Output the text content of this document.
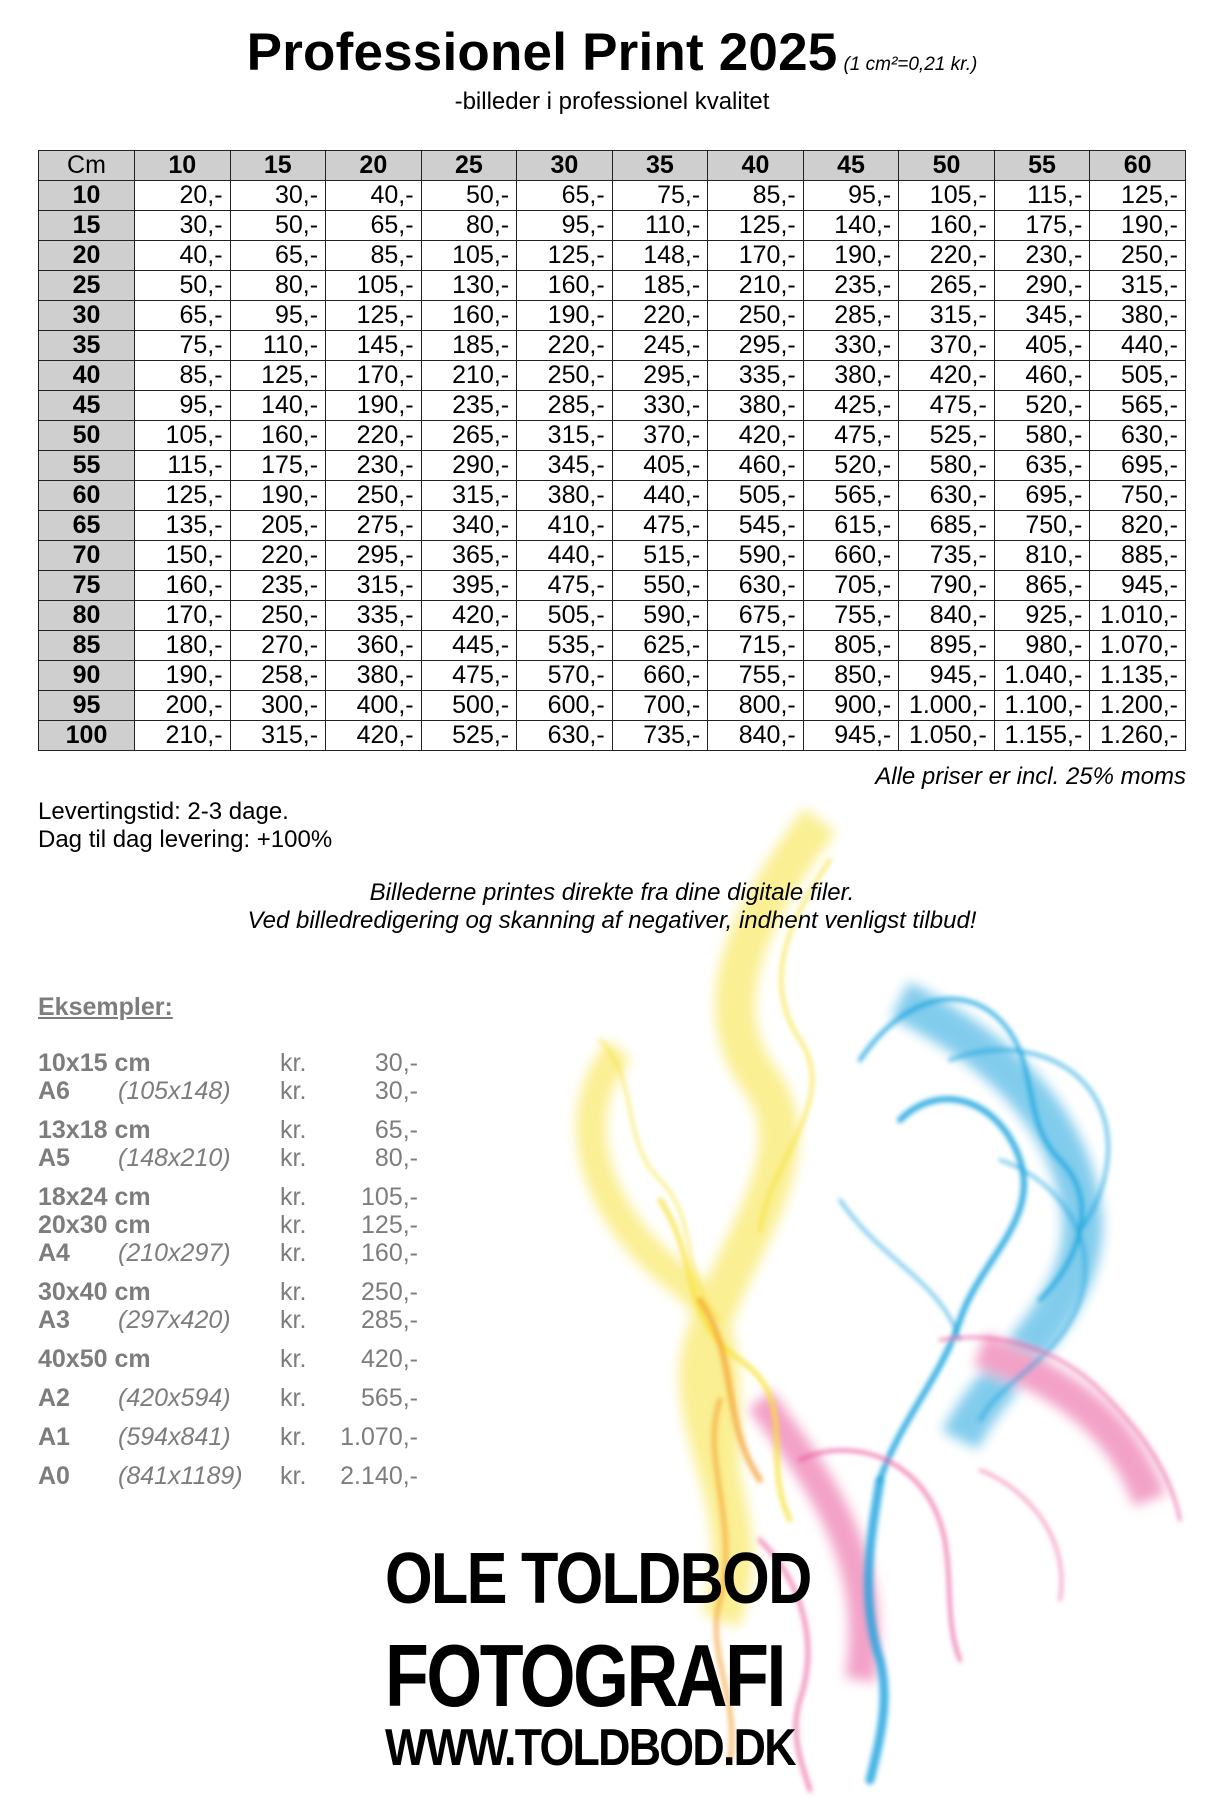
Professionel Print 2025 (1 cm²=0,21 kr.)
-billeder i professionel kvalitet
Cm	10	15	20	25	30	35	40	45	50	55	60
10	20,-	30,-	40,-	50,-	65,-	75,-	85,-	95,-	105,-	115,-	125,-
15	30,-	50,-	65,-	80,-	95,-	110,-	125,-	140,-	160,-	175,-	190,-
20	40,-	65,-	85,-	105,-	125,-	148,-	170,-	190,-	220,-	230,-	250,-
25	50,-	80,-	105,-	130,-	160,-	185,-	210,-	235,-	265,-	290,-	315,-
30	65,-	95,-	125,-	160,-	190,-	220,-	250,-	285,-	315,-	345,-	380,-
35	75,-	110,-	145,-	185,-	220,-	245,-	295,-	330,-	370,-	405,-	440,-
40	85,-	125,-	170,-	210,-	250,-	295,-	335,-	380,-	420,-	460,-	505,-
45	95,-	140,-	190,-	235,-	285,-	330,-	380,-	425,-	475,-	520,-	565,-
50	105,-	160,-	220,-	265,-	315,-	370,-	420,-	475,-	525,-	580,-	630,-
55	115,-	175,-	230,-	290,-	345,-	405,-	460,-	520,-	580,-	635,-	695,-
60	125,-	190,-	250,-	315,-	380,-	440,-	505,-	565,-	630,-	695,-	750,-
65	135,-	205,-	275,-	340,-	410,-	475,-	545,-	615,-	685,-	750,-	820,-
70	150,-	220,-	295,-	365,-	440,-	515,-	590,-	660,-	735,-	810,-	885,-
75	160,-	235,-	315,-	395,-	475,-	550,-	630,-	705,-	790,-	865,-	945,-
80	170,-	250,-	335,-	420,-	505,-	590,-	675,-	755,-	840,-	925,-	1.010,-
85	180,-	270,-	360,-	445,-	535,-	625,-	715,-	805,-	895,-	980,-	1.070,-
90	190,-	258,-	380,-	475,-	570,-	660,-	755,-	850,-	945,-	1.040,-	1.135,-
95	200,-	300,-	400,-	500,-	600,-	700,-	800,-	900,-	1.000,-	1.100,-	1.200,-
100	210,-	315,-	420,-	525,-	630,-	735,-	840,-	945,-	1.050,-	1.155,-	1.260,-
Alle priser er incl. 25% moms
Levertingstid: 2-3 dage.
Dag til dag levering: +100%
Billederne printes direkte fra dine digitale filer.
Ved billedredigering og skanning af negativer, indhent venligst tilbud!
Eksempler:
10x15 cm	kr.	30,-
A6 (105x148) kr.	30,-
13x18 cm	kr.	65,-
A5 (148x210) kr.	80,-
18x24 cm	kr. 105,-
20x30 cm	kr. 125,-
A4 (210x297) kr. 160,-
30x40 cm	kr. 250,-
A3 (297x420) kr. 285,-
40x50 cm	kr. 420,-
A2 (420x594) kr. 565,-
A1 (594x841) kr. 1.070,-
A0 (841x1189) kr. 2.140,-
OLE TOLDBOD
FOTOGRAFI
WWW.TOLDBOD.DK
